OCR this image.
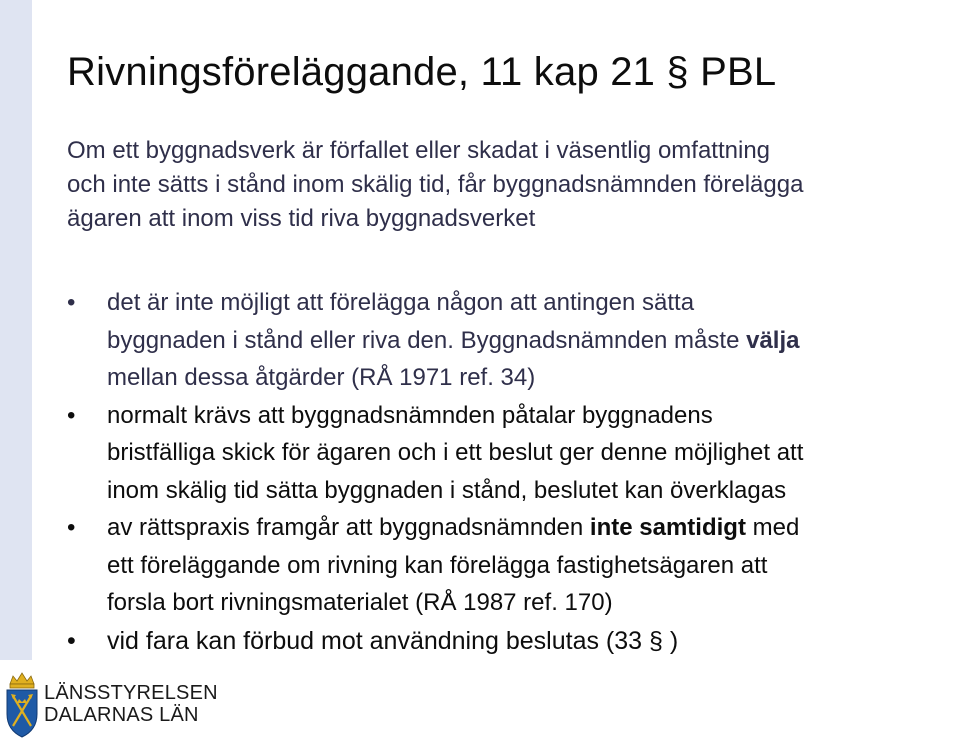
Rivningsföreläggande, 11 kap 21 § PBL
Om ett byggnadsverk är förfallet eller skadat i väsentlig omfattning
och inte sätts i stånd inom skälig tid, får byggnadsnämnden förelägga
ägaren att inom viss tid riva byggnadsverket
• det är inte möjligt att förelägga någon att antingen sätta
byggnaden i stånd eller riva den. Byggnadsnämnden måste välja
mellan dessa åtgärder (RÅ 1971 ref. 34)
• normalt krävs att byggnadsnämnden påtalar byggnadens
bristfälliga skick för ägaren och i ett beslut ger denne möjlighet att
inom skälig tid sätta byggnaden i stånd, beslutet kan överklagas
• av rättspraxis framgår att byggnadsnämnden inte samtidigt med
ett föreläggande om rivning kan förelägga fastighetsägaren att
forsla bort rivningsmaterialet (RÅ 1987 ref. 170)
• vid fara kan förbud mot användning beslutas (33 § )
LÄNSSTYRELSEN
DALARNAS LÄN
